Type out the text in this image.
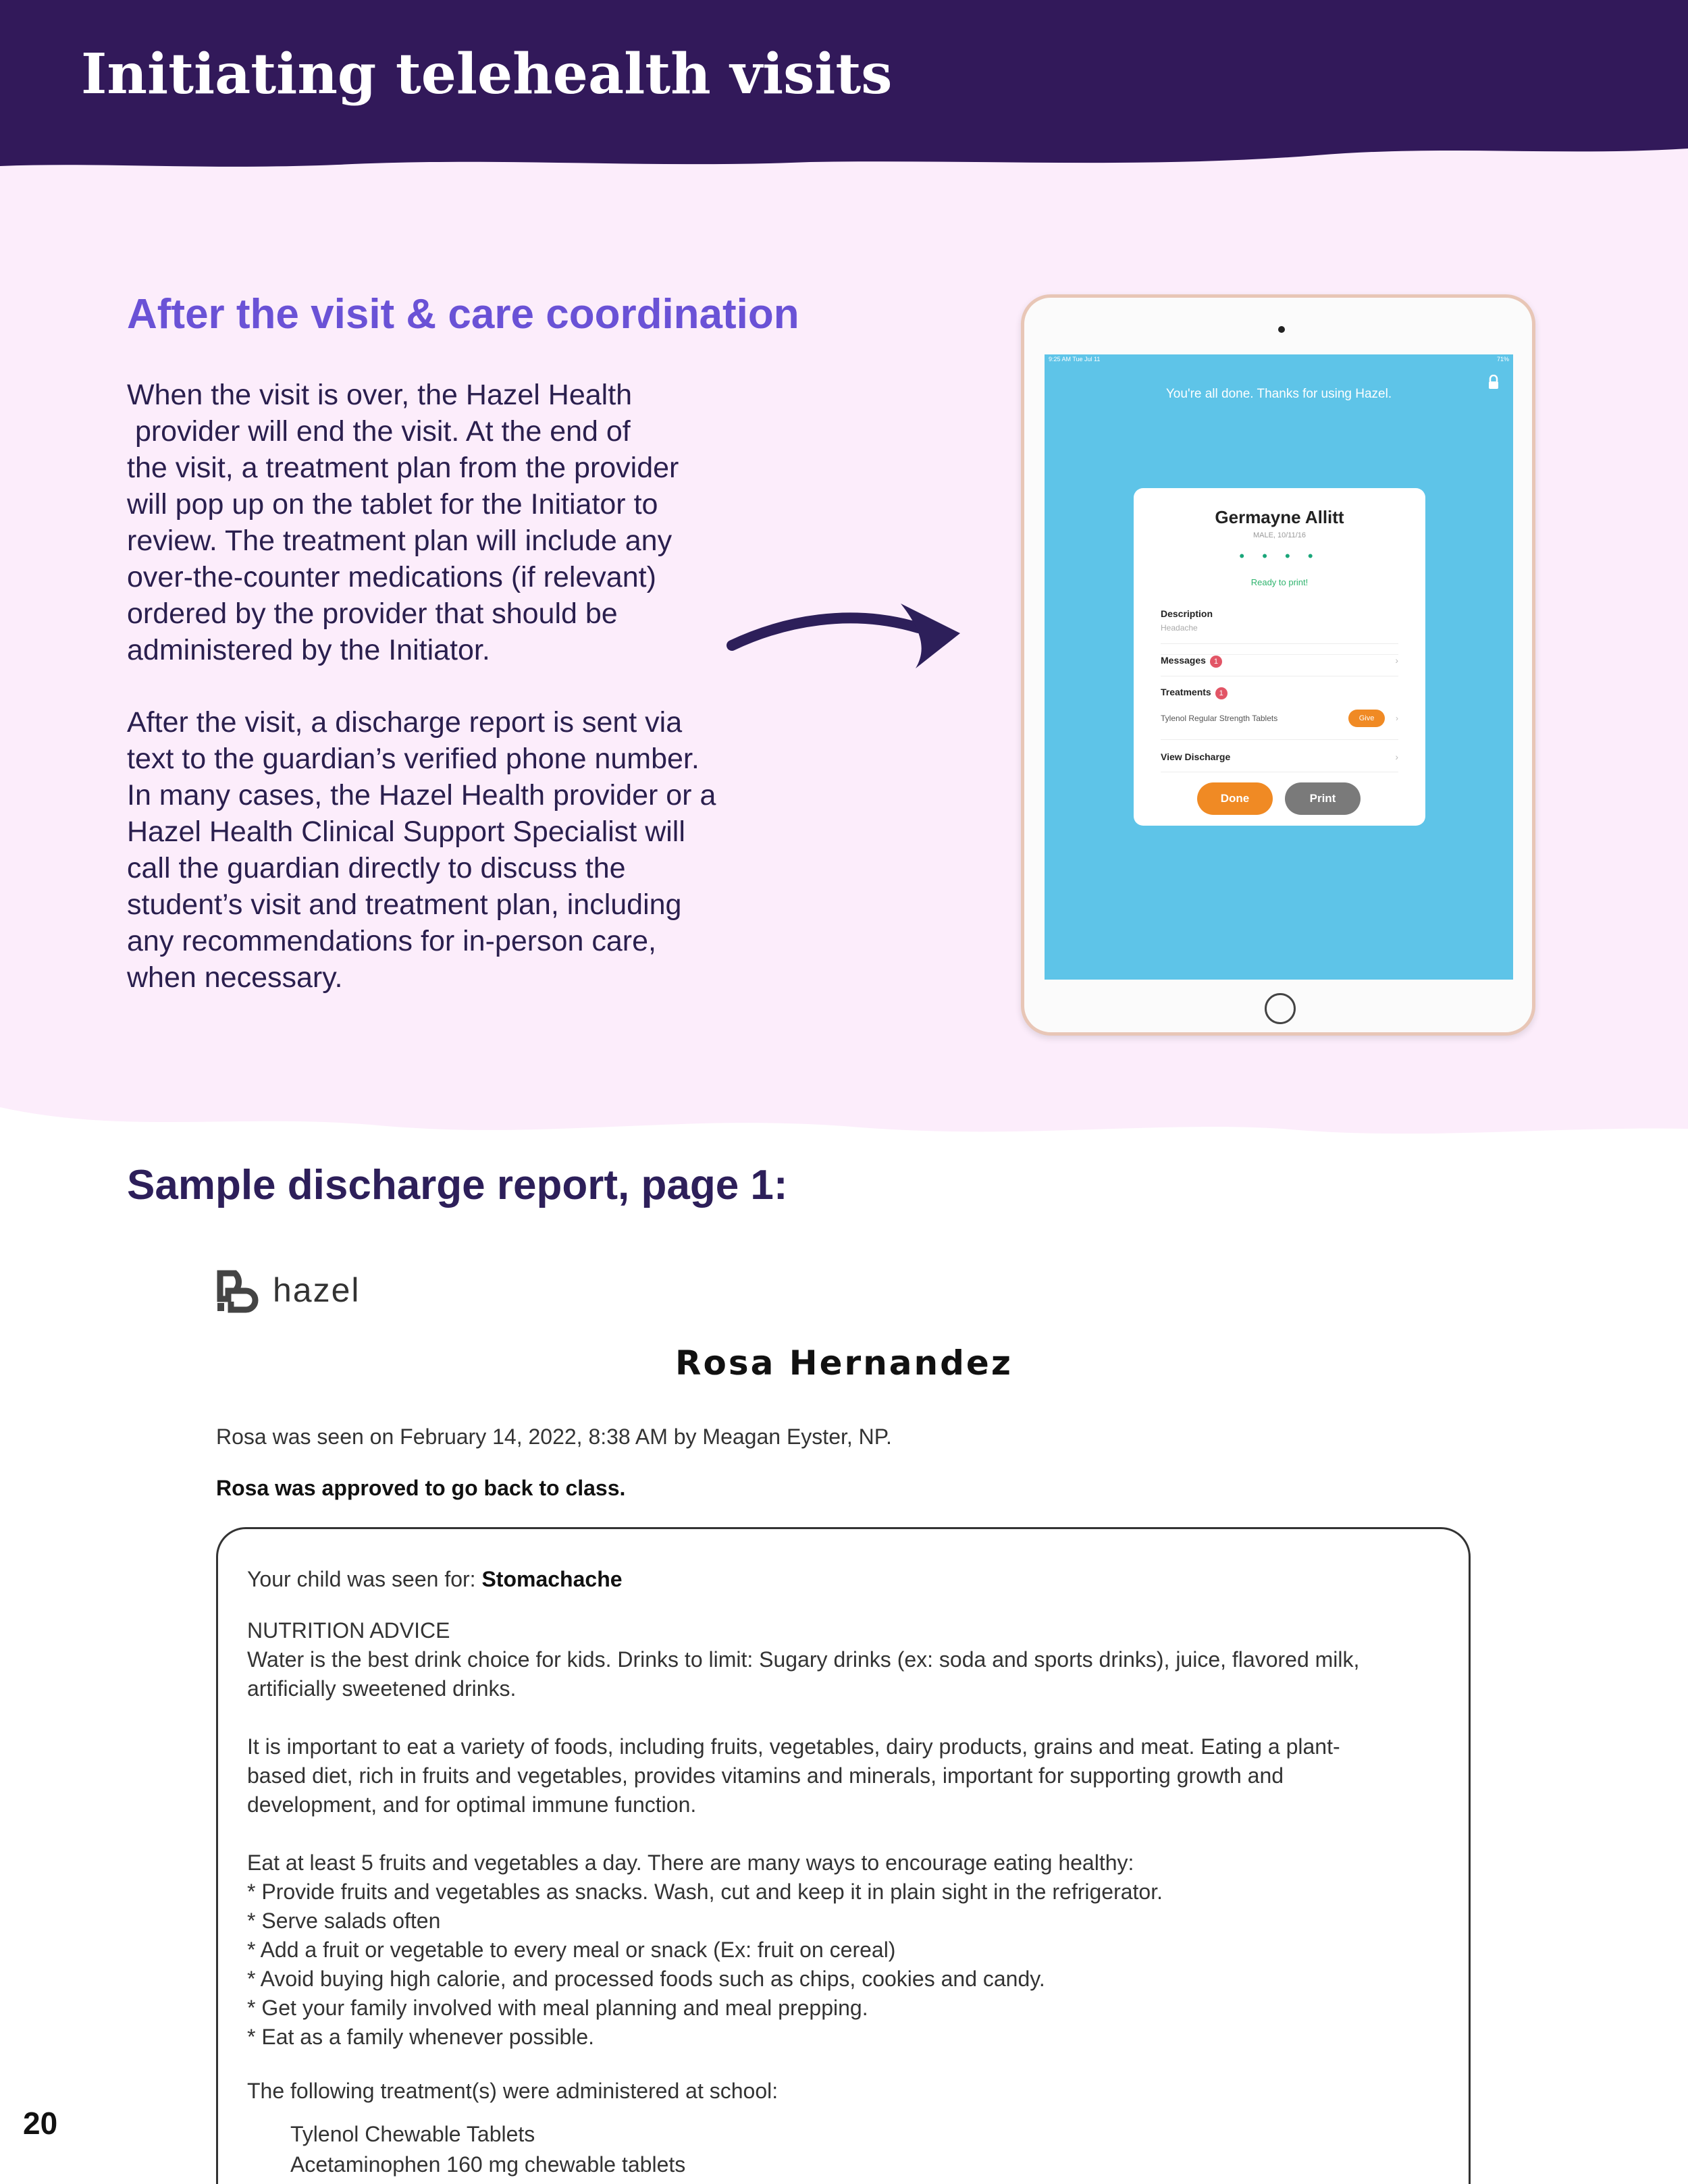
Initiating telehealth visits
After the visit & care coordination
When the visit is over, the Hazel Health
provider will end the visit. At the end of
the visit, a treatment plan from the provider
will pop up on the tablet for the Initiator to
review. The treatment plan will include any
over-the-counter medications (if relevant)
ordered by the provider that should be
administered by the Initiator.
After the visit, a discharge report is sent via
text to the guardian’s verified phone number.
In many cases, the Hazel Health provider or a
Hazel Health Clinical Support Specialist will
call the guardian directly to discuss the
student’s visit and treatment plan, including
any recommendations for in-person care,
when necessary.
9:25 AM Tue Jul 11	71%
You're all done. Thanks for using Hazel.
Germayne Allitt
MALE, 10/11/16
• • • •
Ready to print!
Description
Headache
Messages 1	›
Treatments 1
Tylenol Regular Strength Tablets	Give	›
View Discharge	›
Done	Print
Sample discharge report, page 1:
hazel
Rosa Hernandez
Rosa was seen on February 14, 2022, 8:38 AM by Meagan Eyster, NP.
Rosa was approved to go back to class.
Your child was seen for: Stomachache
NUTRITION ADVICE
Water is the best drink choice for kids. Drinks to limit: Sugary drinks (ex: soda and sports drinks), juice, flavored milk,
artificially sweetened drinks.
It is important to eat a variety of foods, including fruits, vegetables, dairy products, grains and meat. Eating a plant-
based diet, rich in fruits and vegetables, provides vitamins and minerals, important for supporting growth and
development, and for optimal immune function.
Eat at least 5 fruits and vegetables a day. There are many ways to encourage eating healthy:
* Provide fruits and vegetables as snacks. Wash, cut and keep it in plain sight in the refrigerator.
* Serve salads often
* Add a fruit or vegetable to every meal or snack (Ex: fruit on cereal)
* Avoid buying high calorie, and processed foods such as chips, cookies and candy.
* Get your family involved with meal planning and meal prepping.
* Eat as a family whenever possible.
The following treatment(s) were administered at school:
Tylenol Chewable Tablets
Acetaminophen 160 mg chewable tablets
20
